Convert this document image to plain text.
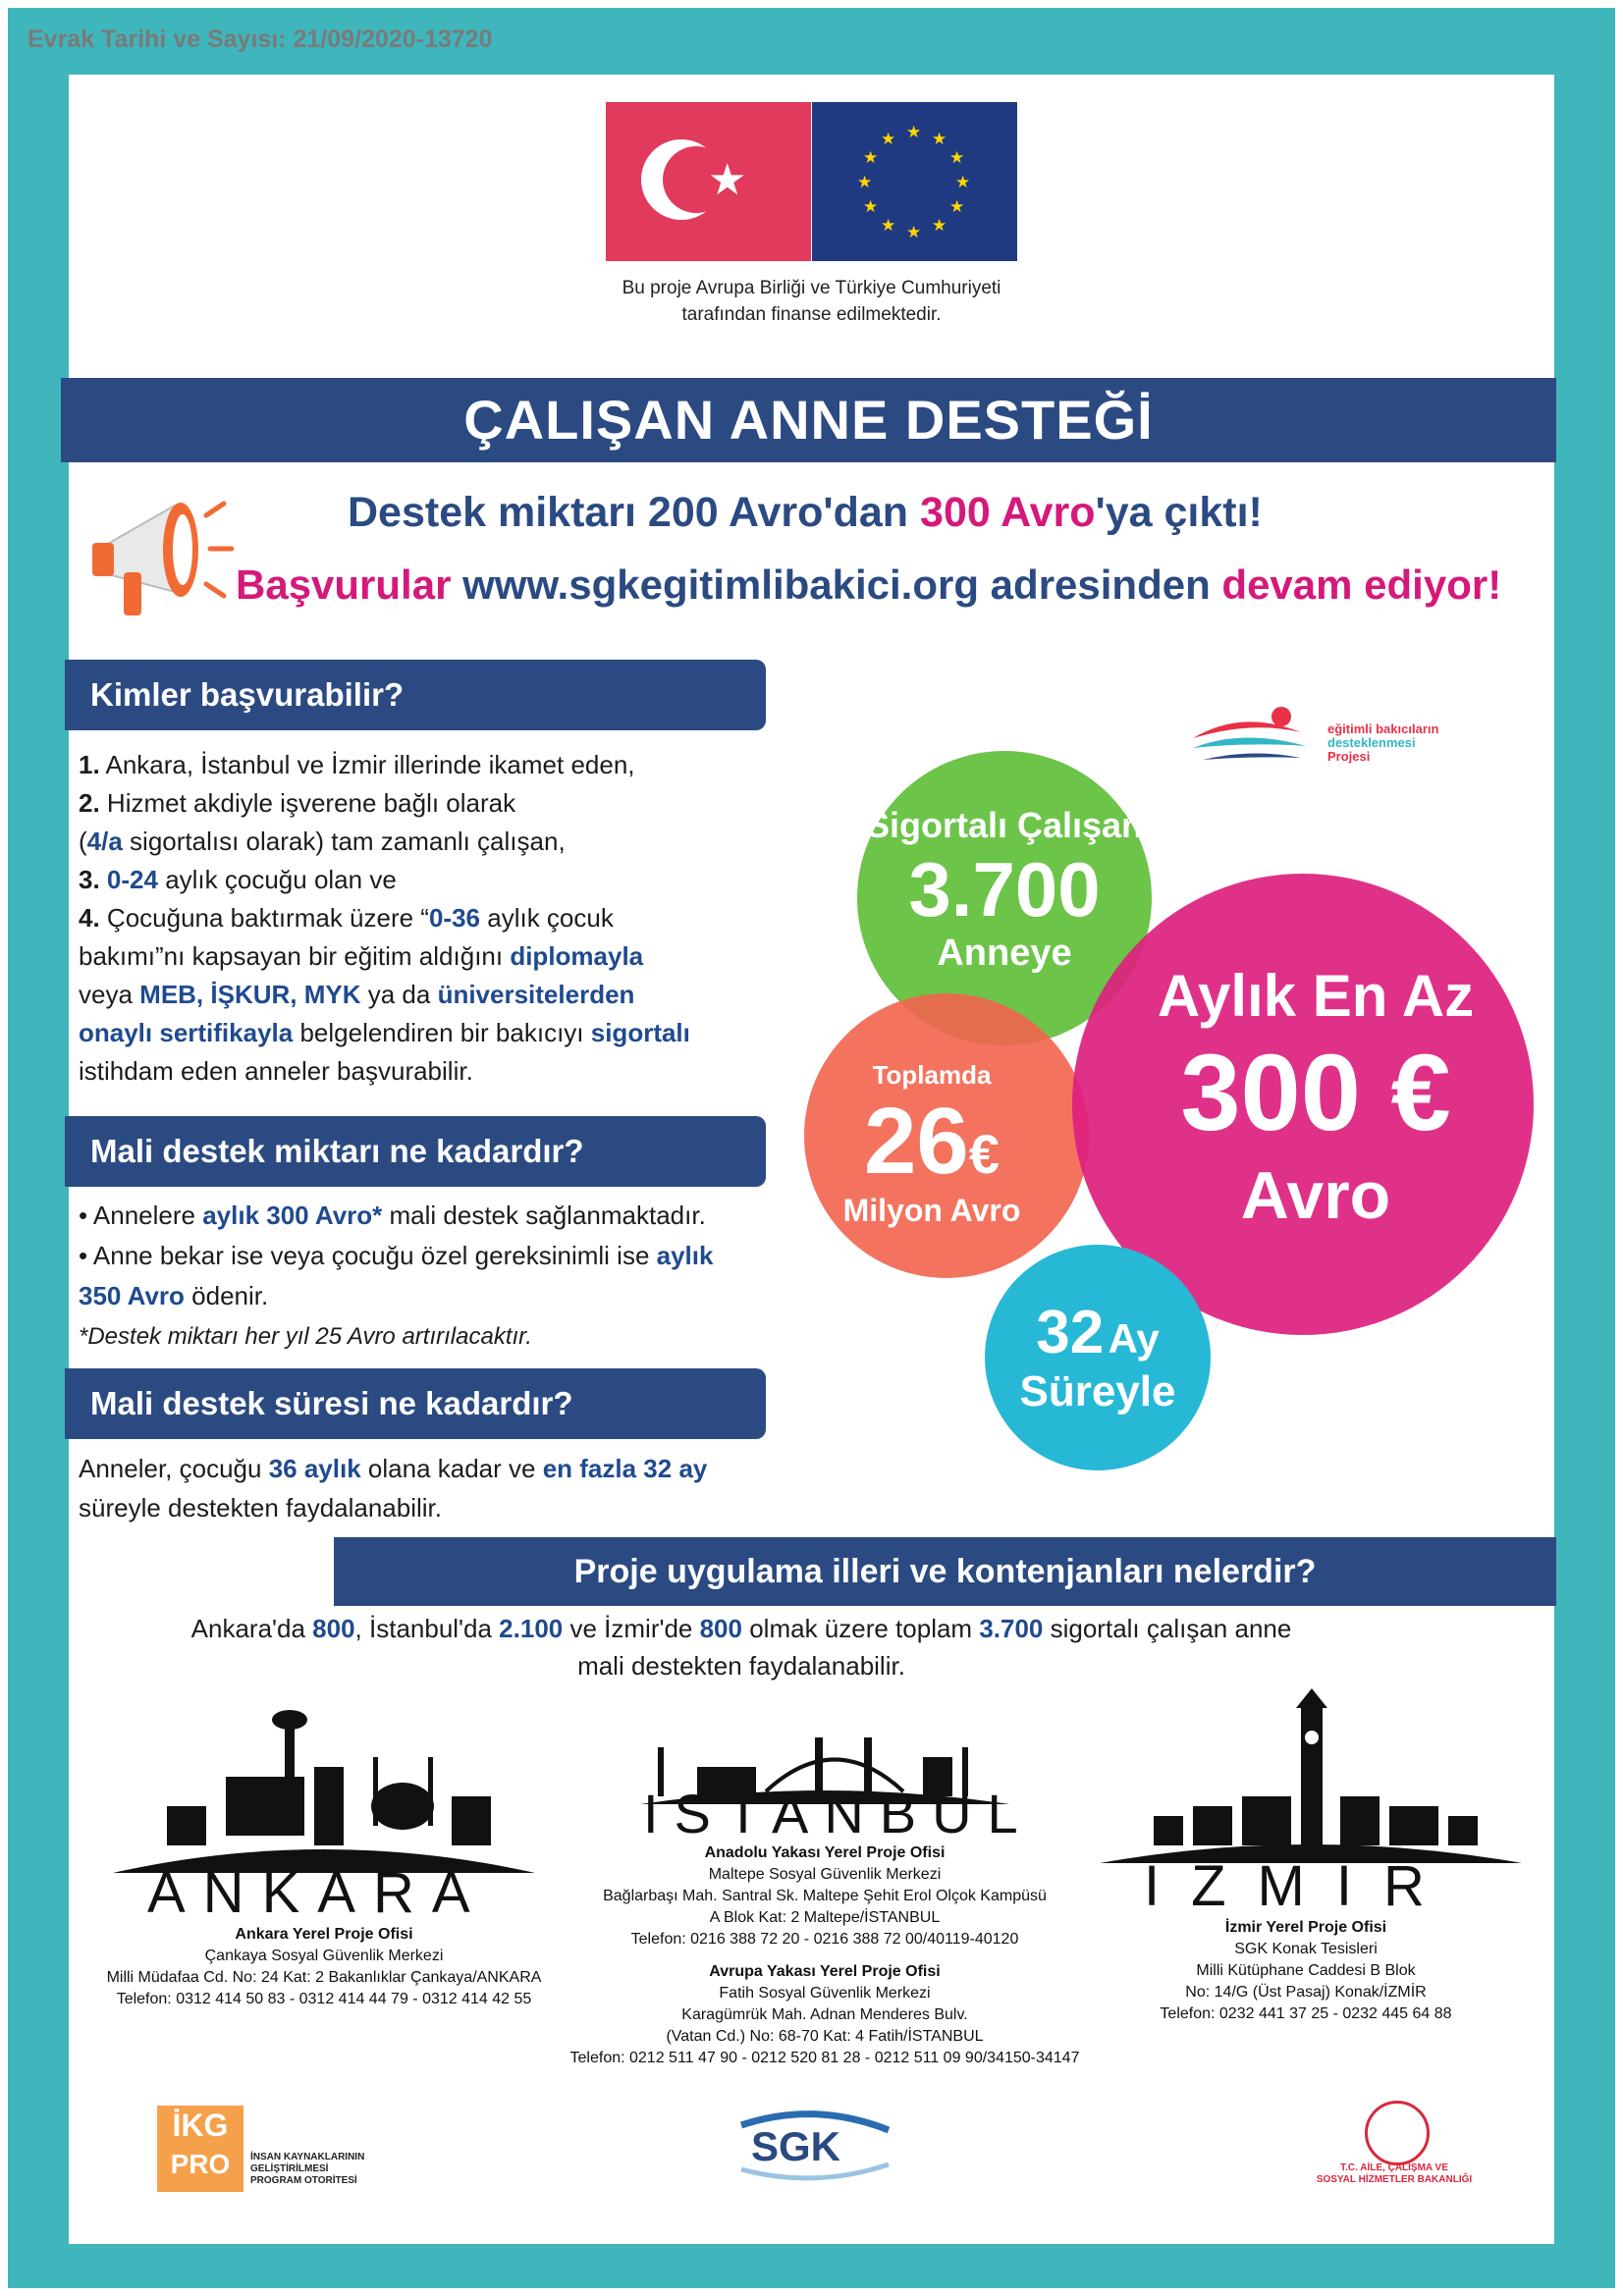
Evrak Tarihi ve Sayısı: 21/09/2020-13720
★
★ ★
★
★
★
★
★
★
★
★
★
★
Bu proje Avrupa Birliği ve Türkiye Cumhuriyeti
tarafından finanse edilmektedir.
ÇALIŞAN ANNE DESTEĞİ
Destek miktarı 200 Avro'dan 300 Avro'ya çıktı!
Başvurular www.sgkegitimlibakici.org adresinden devam ediyor!
eğitimli bakıcıların
desteklenmesi
Projesi
Kimler başvurabilir?
1. Ankara, İstanbul ve İzmir illerinde ikamet eden,
2. Hizmet akdiyle işverene bağlı olarak
(4/a sigortalısı olarak) tam zamanlı çalışan,
3. 0-24 aylık çocuğu olan ve
4. Çocuğuna baktırmak üzere “0-36 aylık çocuk
bakımı”nı kapsayan bir eğitim aldığını diplomayla
veya MEB, İŞKUR, MYK ya da üniversitelerden
onaylı sertifikayla belgelendiren bir bakıcıyı sigortalı
istihdam eden anneler başvurabilir.
Mali destek miktarı ne kadardır?
• Annelere aylık 300 Avro* mali destek sağlanmaktadır.
• Anne bekar ise veya çocuğu özel gereksinimli ise aylık
350 Avro ödenir.
*Destek miktarı her yıl 25 Avro artırılacaktır.
Mali destek süresi ne kadardır?
Anneler, çocuğu 36 aylık olana kadar ve en fazla 32 ay
süreyle destekten faydalanabilir.
Sigortalı Çalışan
3.700
Anneye
Toplamda
26€
Milyon Avro
Aylık En Az
300 €
Avro
32 Ay
Süreyle
Proje uygulama illeri ve kontenjanları nelerdir?
Ankara'da 800, İstanbul'da 2.100 ve İzmir'de 800 olmak üzere toplam 3.700 sigortalı çalışan anne
mali destekten faydalanabilir.
ANKARA
Ankara Yerel Proje Ofisi
Çankaya Sosyal Güvenlik Merkezi
Milli Müdafaa Cd. No: 24 Kat: 2 Bakanlıklar Çankaya/ANKARA
Telefon: 0312 414 50 83 - 0312 414 44 79 - 0312 414 42 55
ISTANBUL
Anadolu Yakası Yerel Proje Ofisi
Maltepe Sosyal Güvenlik Merkezi
Bağlarbaşı Mah. Santral Sk. Maltepe Şehit Erol Olçok Kampüsü
A Blok Kat: 2 Maltepe/İSTANBUL
Telefon: 0216 388 72 20 - 0216 388 72 00/40119-40120
Avrupa Yakası Yerel Proje Ofisi
Fatih Sosyal Güvenlik Merkezi
Karagümrük Mah. Adnan Menderes Bulv.
(Vatan Cd.) No: 68-70 Kat: 4 Fatih/İSTANBUL
Telefon: 0212 511 47 90 - 0212 520 81 28 - 0212 511 09 90/34150-34147
İZMİR
İzmir Yerel Proje Ofisi
SGK Konak Tesisleri
Milli Kütüphane Caddesi B Blok
No: 14/G (Üst Pasaj) Konak/İZMİR
Telefon: 0232 441 37 25 - 0232 445 64 88
İKG
PRO	İNSAN KAYNAKLARININ
GELİŞTİRİLMESİ
PROGRAM OTORİTESİ
SGK	T.C. AİLE, ÇALIŞMA VE
SOSYAL HİZMETLER BAKANLIĞI
